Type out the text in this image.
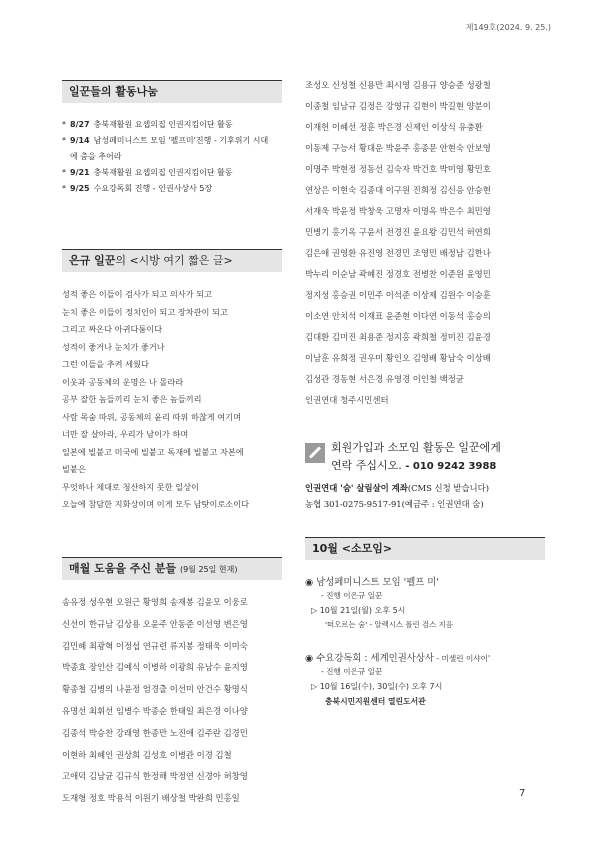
제149호(2024. 9. 25.)
일꾼들의 활동나눔
* 8/27 충북재활원 요셉의집 인권지킴이단 활동
* 9/14 남성페미니스트 모임 '펠프미'진행 - 기후위기 시대
에 춤을 추어라
* 9/21 충북재활원 요셉의집 인권지킴이단 활동
* 9/25 수요강독회 진행 - 인권사상사 5장
은규 일꾼의 <시방 여기 짧은 글>
성적 좋은 이들이 검사가 되고 의사가 되고
눈치 좋은 이들이 정치인이 되고 장차관이 되고
그리고 짜온다 아귀다툼이다
성적이 좋거나 눈치가 좋거나
그런 이들을 추켜 세웠다
이웃과 공동체의 운명은 나 몰라라
공부 잘한 놈들끼리 눈치 좋은 놈들끼리
사람 목숨 따위, 공동체의 윤리 따위 하찮게 여기며
너만 잘 살아라, 우리가 남이가 하며
일본에 빌붙고 미국에 빌붙고 독재에 빌붙고 자본에
빌붙은
무엇하나 제대로 청산하지 못한 일상이
오늘에 참담한 지화상이며 이게 모두 남탓이로소이다
매월 도움을 주신 분들 (9월 25일 현재)
송유정 성우현 오원근 황영희 송재봉 김윤모 이웅로
신선이 한규남 김상용 오윤주 안동준 이선영 변은영
김민혜 최광혁 이정섭 연규련 류지봉 정태욱 이미숙
박종효 장인산 김예식 이병하 이광희 유남수 윤지영
황종철 김병의 나윤정 엄경출 이선미 안건수 황명식
유명선 최휘선 임병수 박종순 한태일 최은경 이나양
김종석 박승찬 강래영 한종만 노진애 김주란 김경민
이현하 최혜인 권상희 김성호 이병관 이경 김철
고애덕 김남균 김규식 한정해 박정연 신경아 허창영
도재형 정호 박용석 이원기 배상철 박완희 민홍일
조성오 신성철 신용만 최시영 김용규 양승준 성광철
이종철 임남규 김정은 강영규 김현이 박길현 양분이
이재헌 이혜선 정훈 박은경 신제인 이상식 유충환
이동제 구능서 황대운 박윤주 홍종문 안현숙 안보영
이명주 박현정 정동선 김숙자 박건호 박미영 황민호
연상은 이현숙 김종대 이구원 진희정 김신응 안승현
서재욱 박윤정 박창욱 고명자 이명옥 박은수 최민영
민병기 홍기옥 구윤서 전경진 윤요왕 김민석 허연희
김은애 권영환 유진영 전경민 조영민 배정남 김한나
박누리 이순남 곽혜진 정경호 전병찬 이준원 윤영민
정지성 홍승권 이민주 이석준 이상제 김원수 이승훈
이소연 안치석 이재표 윤준현 이다연 이동석 홍승의
김대환 김미진 최용준 정지홍 곽희철 정미진 김윤경
이남훈 유희정 권우미 황인오 김영배 황남숙 이상배
김성관 경동현 서은경 유영경 이인철 백정균
인권연대 청주시민센터
회원가입과 소모임 활동은 일꾼에게
연락 주십시오. - 010 9242 3988
인권연대 '숨' 살림살이 계좌(CMS 신청 받습니다)
농협 301-0275-9517-91(예금주 : 인권연대 숨)
10월 <소모임>
◉ 남성페미니스트 모임 '펠프 미'
- 진행 이은규 일꾼
▷ 10월 21일(월) 오후 5시
'떠오르는 숨' - 알렉시스 폴린 검스 지음
◉ 수요강독회 : 세계인권사상사 - 미셸린 이샤이'
- 진행 이은규 일꾼
▷ 10월 16일(수), 30일(수) 오후 7시
충북시민지원센터 열린도서관
7
